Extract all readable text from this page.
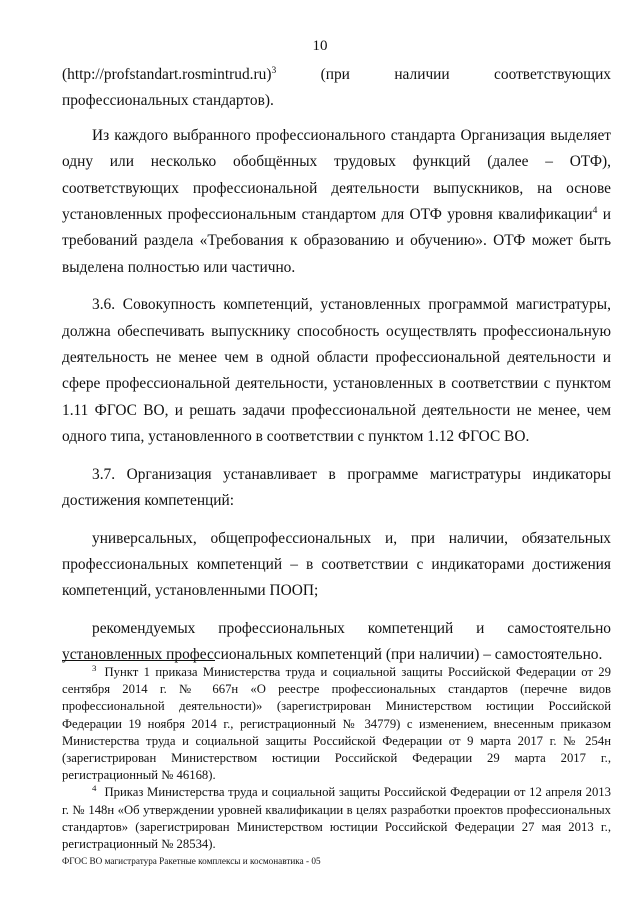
10

(http://profstandart.rosmintrud.ru)$^3$ (при наличии соответствующих профессиональных стандартов).

Из каждого выбранного профессионального стандарта Организация выделяет одну или несколько обобщённых трудовых функций (далее – ОТФ), соответствующих профессиональной деятельности выпускников, на основе установленных профессиональным стандартом для ОТФ уровня квалификации$^4$ и требований раздела «Требования к образованию и обучению». ОТФ может быть выделена полностью или частично.

3.6. Совокупность компетенций, установленных программой магистратуры, должна обеспечивать выпускнику способность осуществлять профессиональную деятельность не менее чем в одной области профессиональной деятельности и сфере профессиональной деятельности, установленных в соответствии с пунктом 1.11 ФГОС ВО, и решать задачи профессиональной деятельности не менее, чем одного типа, установленного в соответствии с пунктом 1.12 ФГОС ВО.

3.7. Организация устанавливает в программе магистратуры индикаторы достижения компетенций:

универсальных, общепрофессиональных и, при наличии, обязательных профессиональных компетенций – в соответствии с индикаторами достижения компетенций, установленными ПООП;

рекомендуемых профессиональных компетенций и самостоятельно установленных профессиональных компетенций (при наличии) – самостоятельно.

$^3$ Пункт 1 приказа Министерства труда и социальной защиты Российской Федерации от 29 сентября 2014 г. № 667н «О реестре профессиональных стандартов (перечне видов профессиональной деятельности)» (зарегистрирован Министерством юстиции Российской Федерации 19 ноября 2014 г., регистрационный № 34779) с изменением, внесенным приказом Министерства труда и социальной защиты Российской Федерации от 9 марта 2017 г. № 254н (зарегистрирован Министерством юстиции Российской Федерации 29 марта 2017 г., регистрационный № 46168).

$^4$ Приказ Министерства труда и социальной защиты Российской Федерации от 12 апреля 2013 г. № 148н «Об утверждении уровней квалификации в целях разработки проектов профессиональных стандартов» (зарегистрирован Министерством юстиции Российской Федерации 27 мая 2013 г., регистрационный № 28534).

ФГОС ВО магистратура Ракетные комплексы и космонавтика - 05
